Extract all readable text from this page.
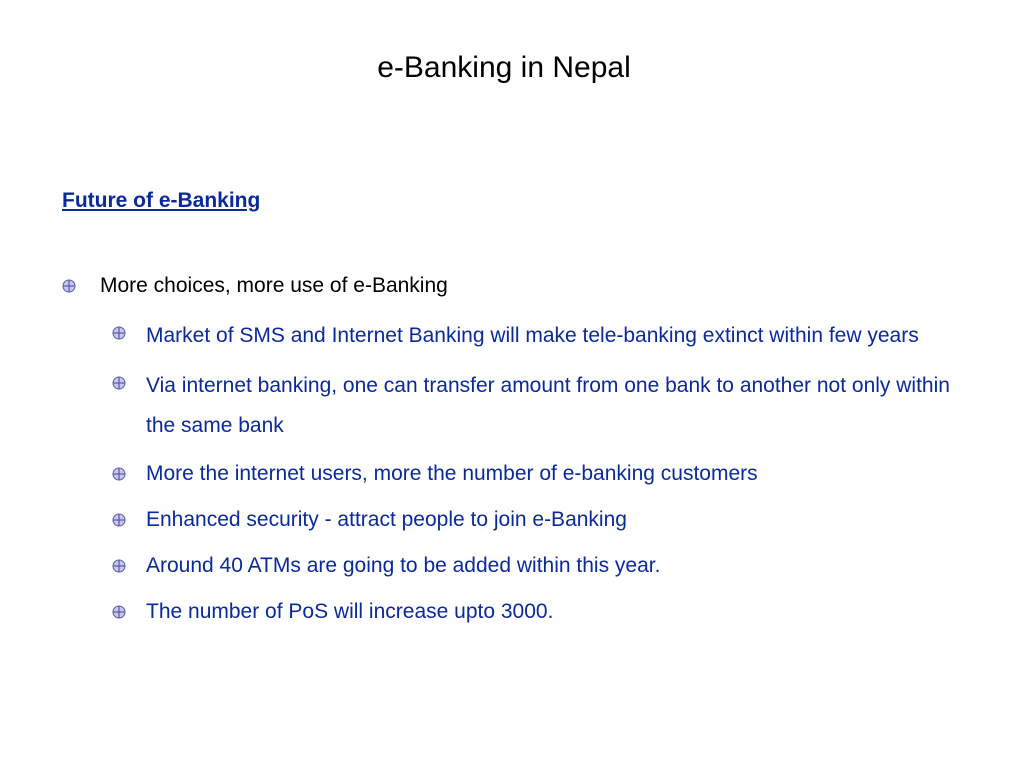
e-Banking in Nepal
Future of e-Banking
More choices, more use of e-Banking
Market of SMS and Internet Banking will make tele-banking extinct within few years
Via internet banking, one can transfer amount from one bank to another not only within the same bank
More the internet users, more the number of e-banking customers
Enhanced security - attract people to join e-Banking
Around 40 ATMs are going to be added within this year.
The number of PoS will increase upto 3000.
